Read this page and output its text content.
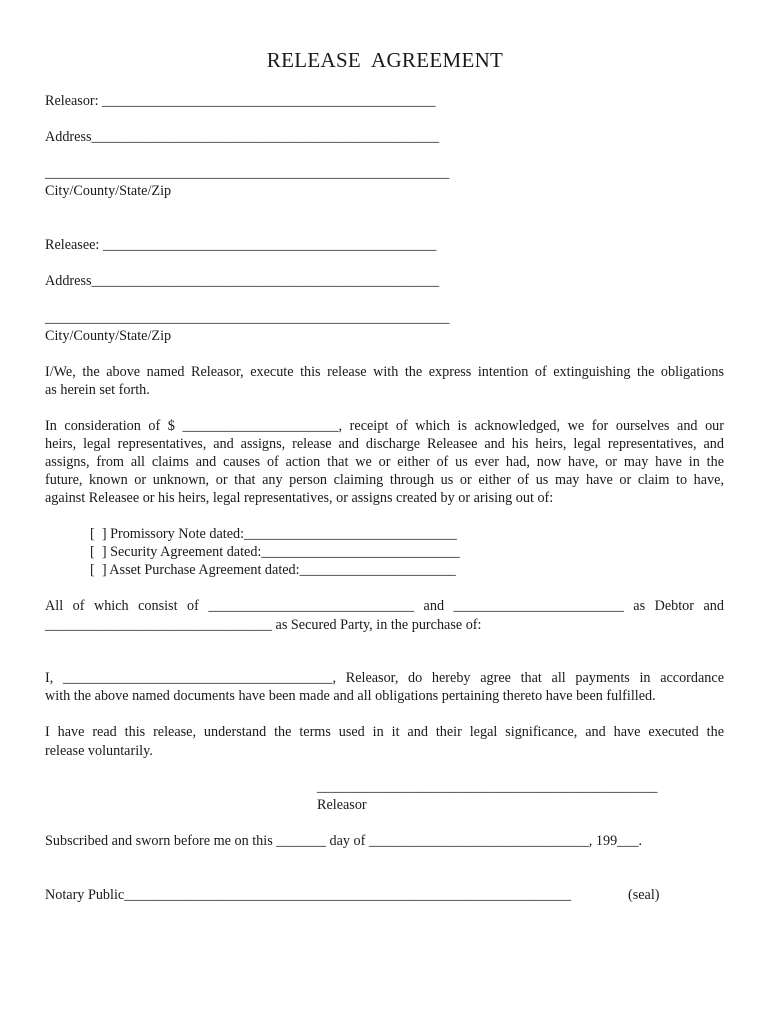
RELEASE  AGREEMENT
Releasor: _______________________________________________
Address_________________________________________________
_________________________________________________________
City/County/State/Zip
Releasee: _______________________________________________
Address_________________________________________________
_________________________________________________________
City/County/State/Zip
I/We, the above named Releasor, execute this release with the express intention of extinguishing the obligations
as herein set forth.
In consideration of $ ______________________, receipt of which is acknowledged, we for ourselves and our
heirs, legal representatives, and assigns, release and discharge Releasee and his heirs, legal representatives, and
assigns, from all claims and causes of action that we or either of us ever had, now have, or may have in the
future, known or unknown, or that any person claiming through us or either of us may have or claim to have,
against Releasee or his heirs, legal representatives, or assigns created by or arising out of:
[  ] Promissory Note dated:______________________________
[  ] Security Agreement dated:____________________________
[  ] Asset Purchase Agreement dated:______________________
All of which consist of _____________________________ and ________________________ as Debtor and
________________________________ as Secured Party, in the purchase of:
I, ______________________________________, Releasor, do hereby agree that all payments in accordance
with the above named documents have been made and all obligations pertaining thereto have been fulfilled.
I have read this release, understand the terms used in it and their legal significance, and have executed the
release voluntarily.
________________________________________________
Releasor
Subscribed and sworn before me on this _______ day of _______________________________, 199___.
Notary Public_______________________________________________________________	(seal)
